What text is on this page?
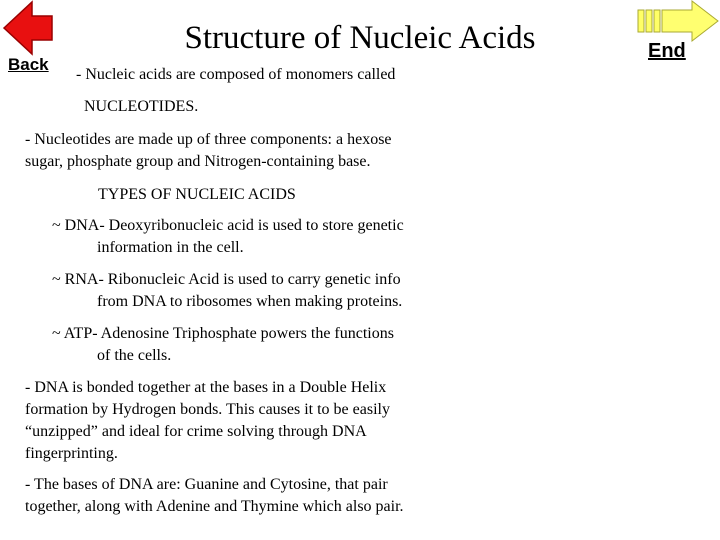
Back
End
Structure of Nucleic Acids
- Nucleic acids are composed of monomers called
NUCLEOTIDES.
- Nucleotides are made up of three components: a hexose
sugar, phosphate group and Nitrogen-containing base.
TYPES OF NUCLEIC ACIDS
~ DNA- Deoxyribonucleic acid is used to store genetic
information in the cell.
~ RNA- Ribonucleic Acid is used to carry genetic info
from DNA to ribosomes when making proteins.
~ ATP- Adenosine Triphosphate powers the functions
of the cells.
- DNA is bonded together at the bases in a Double Helix
formation by Hydrogen bonds. This causes it to be easily
“unzipped” and ideal for crime solving through DNA
fingerprinting.
- The bases of DNA are: Guanine and Cytosine, that pair
together, along with Adenine and Thymine which also pair.
